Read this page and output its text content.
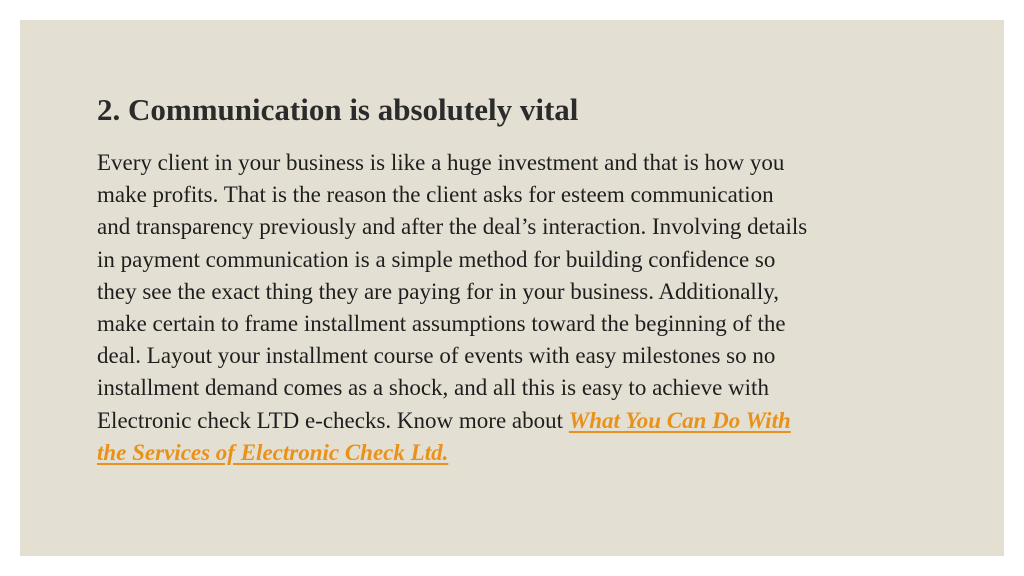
2. Communication is absolutely vital

Every client in your business is like a huge investment and that is how you
make profits. That is the reason the client asks for esteem communication
and transparency previously and after the deal’s interaction. Involving details
in payment communication is a simple method for building confidence so
they see the exact thing they are paying for in your business. Additionally,
make certain to frame installment assumptions toward the beginning of the
deal. Layout your installment course of events with easy milestones so no
installment demand comes as a shock, and all this is easy to achieve with
Electronic check LTD e-checks. Know more about What You Can Do With
the Services of Electronic Check Ltd.
